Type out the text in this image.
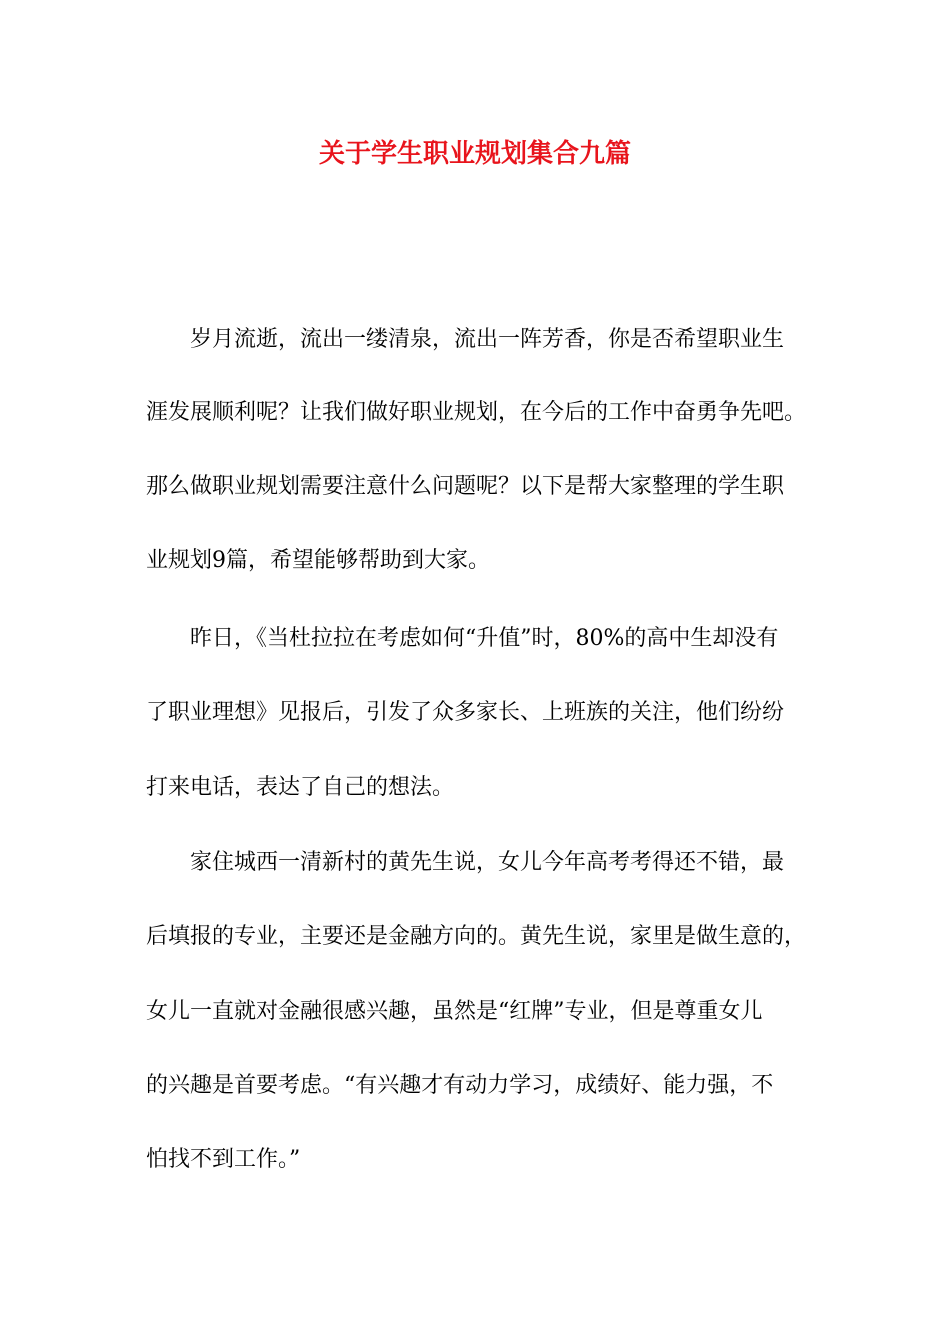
关于学生职业规划集合九篇
岁月流逝，流出一缕清泉，流出一阵芳香，你是否希望职业生
涯发展顺利呢？让我们做好职业规划，在今后的工作中奋勇争先吧。
那么做职业规划需要注意什么问题呢？以下是帮大家整理的学生职
业规划9篇，希望能够帮助到大家。
昨日，《当杜拉拉在考虑如何“升值”时，80%的高中生却没有
了职业理想》见报后，引发了众多家长、上班族的关注，他们纷纷
打来电话，表达了自己的想法。
家住城西一清新村的黄先生说，女儿今年高考考得还不错，最
后填报的专业，主要还是金融方向的。黄先生说，家里是做生意的，
女儿一直就对金融很感兴趣，虽然是“红牌”专业，但是尊重女儿
的兴趣是首要考虑。“有兴趣才有动力学习，成绩好、能力强，不
怕找不到工作。”
